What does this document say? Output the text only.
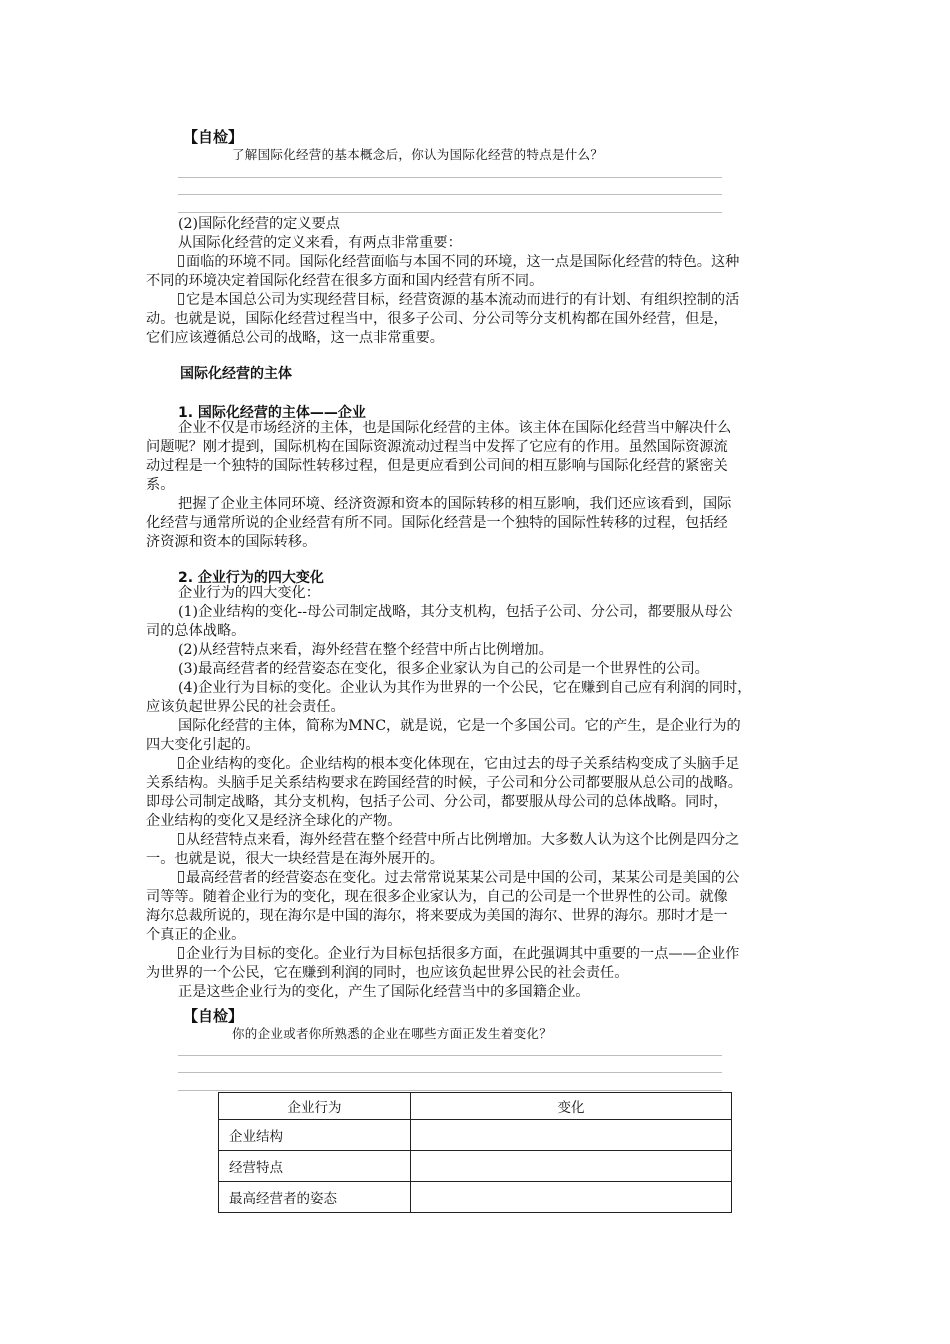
【自检】
了解国际化经营的基本概念后，你认为国际化经营的特点是什么？
(2)国际化经营的定义要点
从国际化经营的定义来看，有两点非常重要：
面临的环境不同。国际化经营面临与本国不同的环境，这一点是国际化经营的特色。这种
不同的环境决定着国际化经营在很多方面和国内经营有所不同。
它是本国总公司为实现经营目标，经营资源的基本流动而进行的有计划、有组织控制的活
动。也就是说，国际化经营过程当中，很多子公司、分公司等分支机构都在国外经营，但是，
它们应该遵循总公司的战略，这一点非常重要。
国际化经营的主体
1. 国际化经营的主体——企业
企业不仅是市场经济的主体，也是国际化经营的主体。该主体在国际化经营当中解决什么
问题呢？刚才提到，国际机构在国际资源流动过程当中发挥了它应有的作用。虽然国际资源流
动过程是一个独特的国际性转移过程，但是更应看到公司间的相互影响与国际化经营的紧密关
系。
把握了企业主体同环境、经济资源和资本的国际转移的相互影响，我们还应该看到，国际
化经营与通常所说的企业经营有所不同。国际化经营是一个独特的国际性转移的过程，包括经
济资源和资本的国际转移。
2. 企业行为的四大变化
企业行为的四大变化：
(1)企业结构的变化--母公司制定战略，其分支机构，包括子公司、分公司，都要服从母公
司的总体战略。
(2)从经营特点来看，海外经营在整个经营中所占比例增加。
(3)最高经营者的经营姿态在变化，很多企业家认为自己的公司是一个世界性的公司。
(4)企业行为目标的变化。企业认为其作为世界的一个公民，它在赚到自己应有利润的同时，
应该负起世界公民的社会责任。
国际化经营的主体，简称为MNC，就是说，它是一个多国公司。它的产生，是企业行为的
四大变化引起的。
企业结构的变化。企业结构的根本变化体现在，它由过去的母子关系结构变成了头脑手足
关系结构。头脑手足关系结构要求在跨国经营的时候，子公司和分公司都要服从总公司的战略。
即母公司制定战略，其分支机构，包括子公司、分公司，都要服从母公司的总体战略。同时，
企业结构的变化又是经济全球化的产物。
从经营特点来看，海外经营在整个经营中所占比例增加。大多数人认为这个比例是四分之
一。也就是说，很大一块经营是在海外展开的。
最高经营者的经营姿态在变化。过去常常说某某公司是中国的公司，某某公司是美国的公
司等等。随着企业行为的变化，现在很多企业家认为，自己的公司是一个世界性的公司。就像
海尔总裁所说的，现在海尔是中国的海尔，将来要成为美国的海尔、世界的海尔。那时才是一
个真正的企业。
企业行为目标的变化。企业行为目标包括很多方面，在此强调其中重要的一点——企业作
为世界的一个公民，它在赚到利润的同时，也应该负起世界公民的社会责任。
正是这些企业行为的变化，产生了国际化经营当中的多国籍企业。
【自检】
你的企业或者你所熟悉的企业在哪些方面正发生着变化？
企业行为	变化
企业结构	
经营特点	
最高经营者的姿态	
